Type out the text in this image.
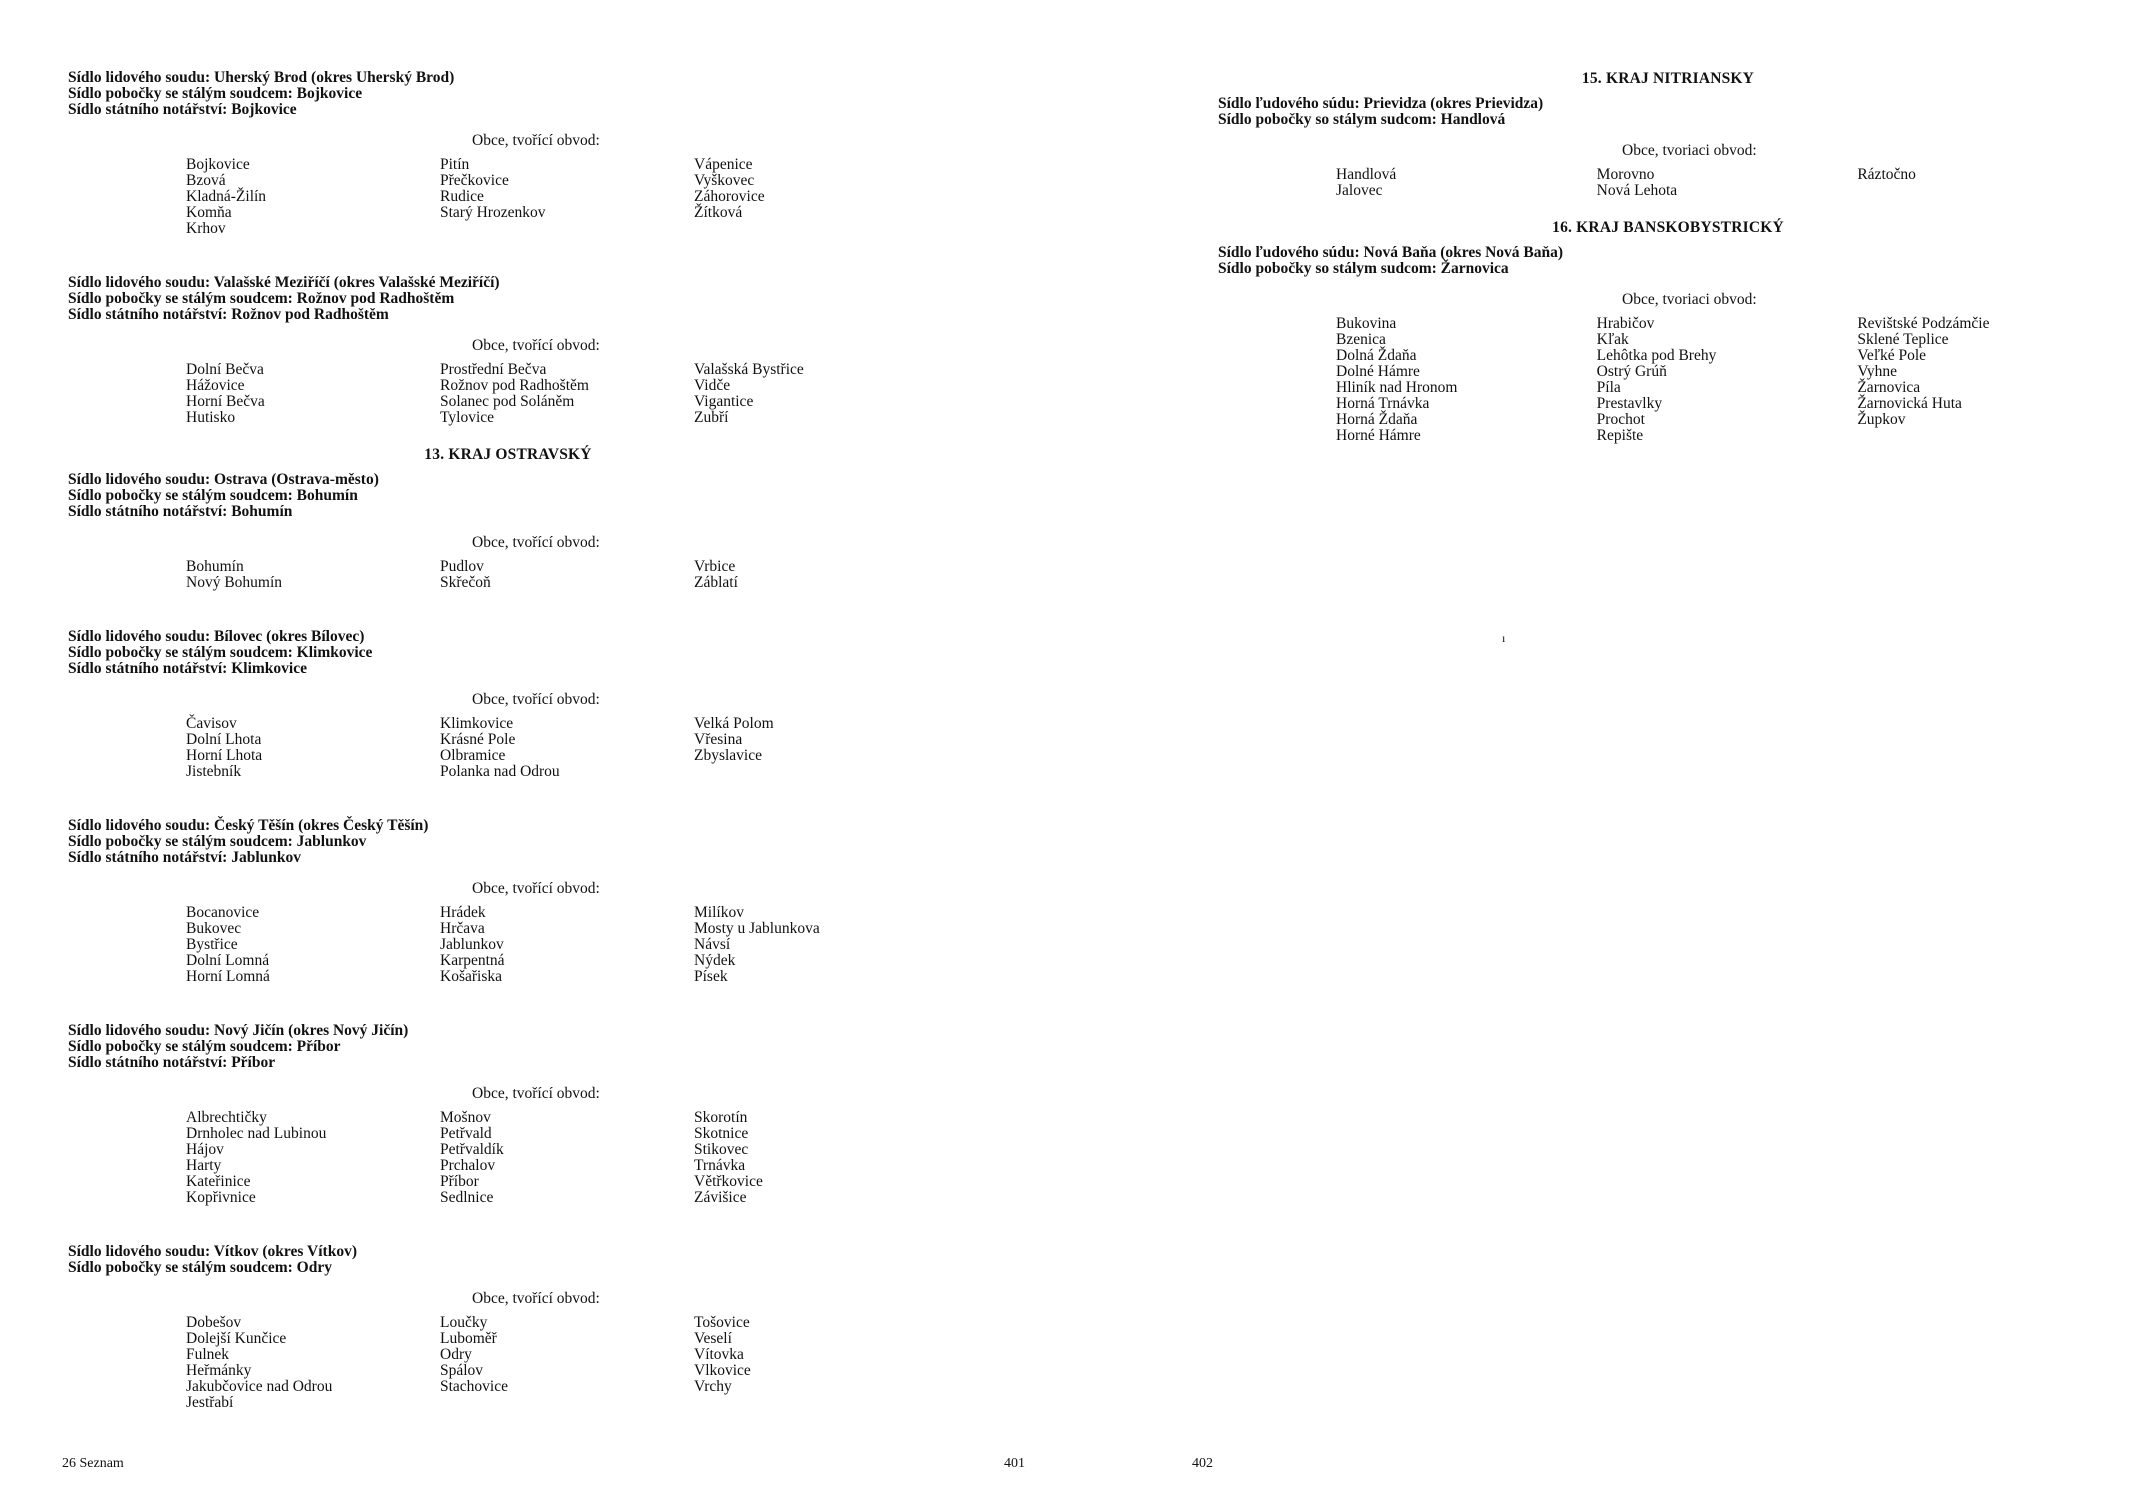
Sídlo lidového soudu: Uherský Brod (okres Uherský Brod)
Sídlo pobočky se stálým soudcem: Bojkovice
Sídlo státního notářství: Bojkovice
Obce, tvořící obvod:
Bojkovice
Bzová
Kladná-Žilín
Komňa
Krhov
Pitín
Přečkovice
Rudice
Starý Hrozenkov
Vápenice
Vyškovec
Záhorovice
Žítková
Sídlo lidového soudu: Valašské Meziříčí (okres Valašské Meziříčí)
Sídlo pobočky se stálým soudcem: Rožnov pod Radhoštěm
Sídlo státního notářství: Rožnov pod Radhoštěm
Obce, tvořící obvod:
Dolní Bečva
Hážovice
Horní Bečva
Hutisko
Prostřední Bečva
Rožnov pod Radhoštěm
Solanec pod Soláněm
Tylovice
Valašská Bystřice
Vidče
Vigantice
Zubří
13. KRAJ OSTRAVSKÝ
Sídlo lidového soudu: Ostrava (Ostrava-město)
Sídlo pobočky se stálým soudcem: Bohumín
Sídlo státního notářství: Bohumín
Obce, tvořící obvod:
Bohumín
Nový Bohumín
Pudlov
Skřečoň
Vrbice
Záblatí
Sídlo lidového soudu: Bílovec (okres Bílovec)
Sídlo pobočky se stálým soudcem: Klimkovice
Sídlo státního notářství: Klimkovice
Obce, tvořící obvod:
Čavisov
Dolní Lhota
Horní Lhota
Jistebník
Klimkovice
Krásné Pole
Olbramice
Polanka nad Odrou
Velká Polom
Vřesina
Zbyslavice
Sídlo lidového soudu: Český Těšín (okres Český Těšín)
Sídlo pobočky se stálým soudcem: Jablunkov
Sídlo státního notářství: Jablunkov
Obce, tvořící obvod:
Bocanovice
Bukovec
Bystřice
Dolní Lomná
Horní Lomná
Hrádek
Hrčava
Jablunkov
Karpentná
Košařiska
Milíkov
Mosty u Jablunkova
Návsí
Nýdek
Písek
Sídlo lidového soudu: Nový Jičín (okres Nový Jičín)
Sídlo pobočky se stálým soudcem: Příbor
Sídlo státního notářství: Příbor
Obce, tvořící obvod:
Albrechtičky
Drnholec nad Lubinou
Hájov
Harty
Kateřinice
Kopřivnice
Mošnov
Petřvald
Petřvaldík
Prchalov
Příbor
Sedlnice
Skorotín
Skotnice
Stikovec
Trnávka
Větřkovice
Závišice
Sídlo lidového soudu: Vítkov (okres Vítkov)
Sídlo pobočky se stálým soudcem: Odry
Obce, tvořící obvod:
Dobešov
Dolejší Kunčice
Fulnek
Heřmánky
Jakubčovice nad Odrou
Jestřabí
Loučky
Luboměř
Odry
Spálov
Stachovice
Tošovice
Veselí
Vítovka
Vlkovice
Vrchy
26 Seznam	401
15. KRAJ NITRIANSKY
Sídlo ľudového súdu: Prievidza (okres Prievidza)
Sídlo pobočky so stálym sudcom: Handlová
Obce, tvoriaci obvod:
Handlová
Jalovec
Morovno
Nová Lehota
Ráztočno
16. KRAJ BANSKOBYSTRICKÝ
Sídlo ľudového súdu: Nová Baňa (okres Nová Baňa)
Sídlo pobočky so stálym sudcom: Žarnovica
Obce, tvoriaci obvod:
Bukovina
Bzenica
Dolná Ždaňa
Dolné Hámre
Hliník nad Hronom
Horná Trnávka
Horná Ždaňa
Horné Hámre
Hrabičov
Kľak
Lehôtka pod Brehy
Ostrý Grúň
Píla
Prestavlky
Prochot
Repište
Revištské Podzámčie
Sklené Teplice
Veľké Pole
Vyhne
Žarnovica
Žarnovická Huta
Župkov
402
ı
